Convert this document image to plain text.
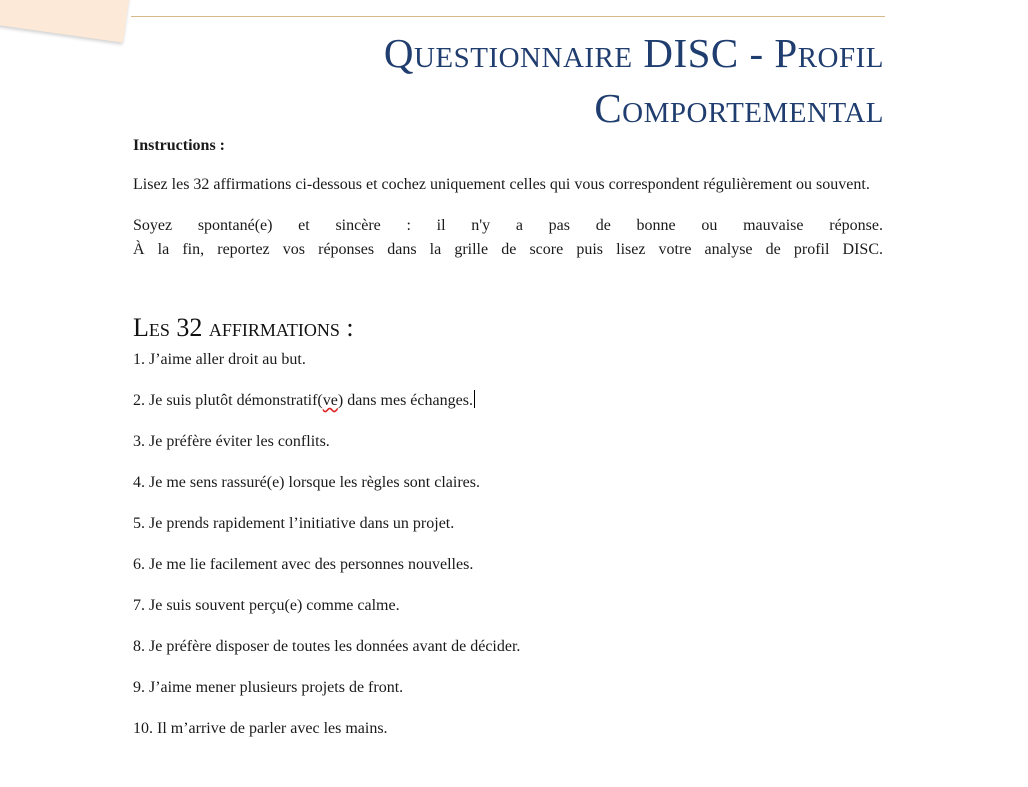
Questionnaire DISC - Profil
Comportemental

Instructions :

Lisez les 32 affirmations ci-dessous et cochez uniquement celles qui vous correspondent régulièrement ou souvent.

Soyez spontané(e) et sincère : il n'y a pas de bonne ou mauvaise réponse.
À la fin, reportez vos réponses dans la grille de score puis lisez votre analyse de profil DISC.

Les 32 affirmations :
1. J’aime aller droit au but.
2. Je suis plutôt démonstratif(ve) dans mes échanges.
3. Je préfère éviter les conflits.
4. Je me sens rassuré(e) lorsque les règles sont claires.
5. Je prends rapidement l’initiative dans un projet.
6. Je me lie facilement avec des personnes nouvelles.
7. Je suis souvent perçu(e) comme calme.
8. Je préfère disposer de toutes les données avant de décider.
9. J’aime mener plusieurs projets de front.
10. Il m’arrive de parler avec les mains.
